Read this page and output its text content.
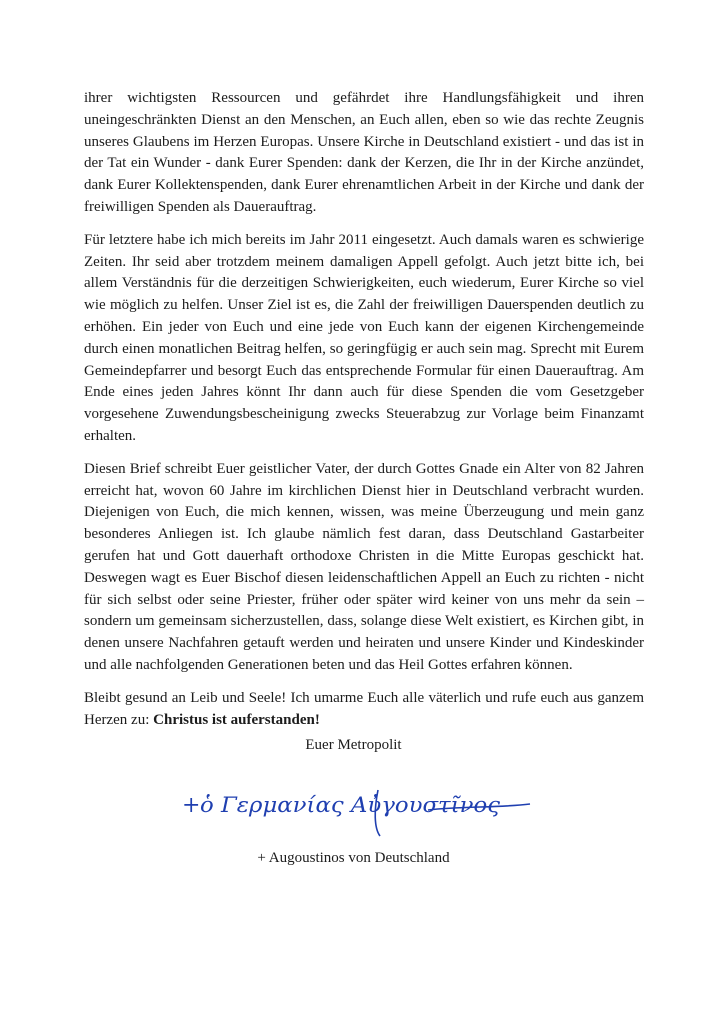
ihrer wichtigsten Ressourcen und gefährdet ihre Handlungsfähigkeit und ihren uneingeschränkten Dienst an den Menschen, an Euch allen, eben so wie das rechte Zeugnis unseres Glaubens im Herzen Europas. Unsere Kirche in Deutschland existiert - und das ist in der Tat ein Wunder - dank Eurer Spenden: dank der Kerzen, die Ihr in der Kirche anzündet, dank Eurer Kollektenspenden, dank Eurer ehrenamtlichen Arbeit in der Kirche und dank der freiwilligen Spenden als Dauerauftrag.

Für letztere habe ich mich bereits im Jahr 2011 eingesetzt. Auch damals waren es schwierige Zeiten. Ihr seid aber trotzdem meinem damaligen Appell gefolgt. Auch jetzt bitte ich, bei allem Verständnis für die derzeitigen Schwierigkeiten, euch wiederum, Eurer Kirche so viel wie möglich zu helfen. Unser Ziel ist es, die Zahl der freiwilligen Dauerspenden deutlich zu erhöhen. Ein jeder von Euch und eine jede von Euch kann der eigenen Kirchengemeinde durch einen monatlichen Beitrag helfen, so geringfügig er auch sein mag. Sprecht mit Eurem Gemeindepfarrer und besorgt Euch das entsprechende Formular für einen Dauerauftrag. Am Ende eines jeden Jahres könnt Ihr dann auch für diese Spenden die vom Gesetzgeber vorgesehene Zuwendungsbescheinigung zwecks Steuerabzug zur Vorlage beim Finanzamt erhalten.

Diesen Brief schreibt Euer geistlicher Vater, der durch Gottes Gnade ein Alter von 82 Jahren erreicht hat, wovon 60 Jahre im kirchlichen Dienst hier in Deutschland verbracht wurden. Diejenigen von Euch, die mich kennen, wissen, was meine Überzeugung und mein ganz besonderes Anliegen ist. Ich glaube nämlich fest daran, dass Deutschland Gastarbeiter gerufen hat und Gott dauerhaft orthodoxe Christen in die Mitte Europas geschickt hat. Deswegen wagt es Euer Bischof diesen leidenschaftlichen Appell an Euch zu richten - nicht für sich selbst oder seine Priester, früher oder später wird keiner von uns mehr da sein – sondern um gemeinsam sicherzustellen, dass, solange diese Welt existiert, es Kirchen gibt, in denen unsere Nachfahren getauft werden und heiraten und unsere Kinder und Kindeskinder und alle nachfolgenden Generationen beten und das Heil Gottes erfahren können.

Bleibt gesund an Leib und Seele! Ich umarme Euch alle väterlich und rufe euch aus ganzem Herzen zu: Christus ist auferstanden!

Euer Metropolit
+ ὁ Γερμανίας Αὐγουστῖνος
+ Augoustinos von Deutschland
